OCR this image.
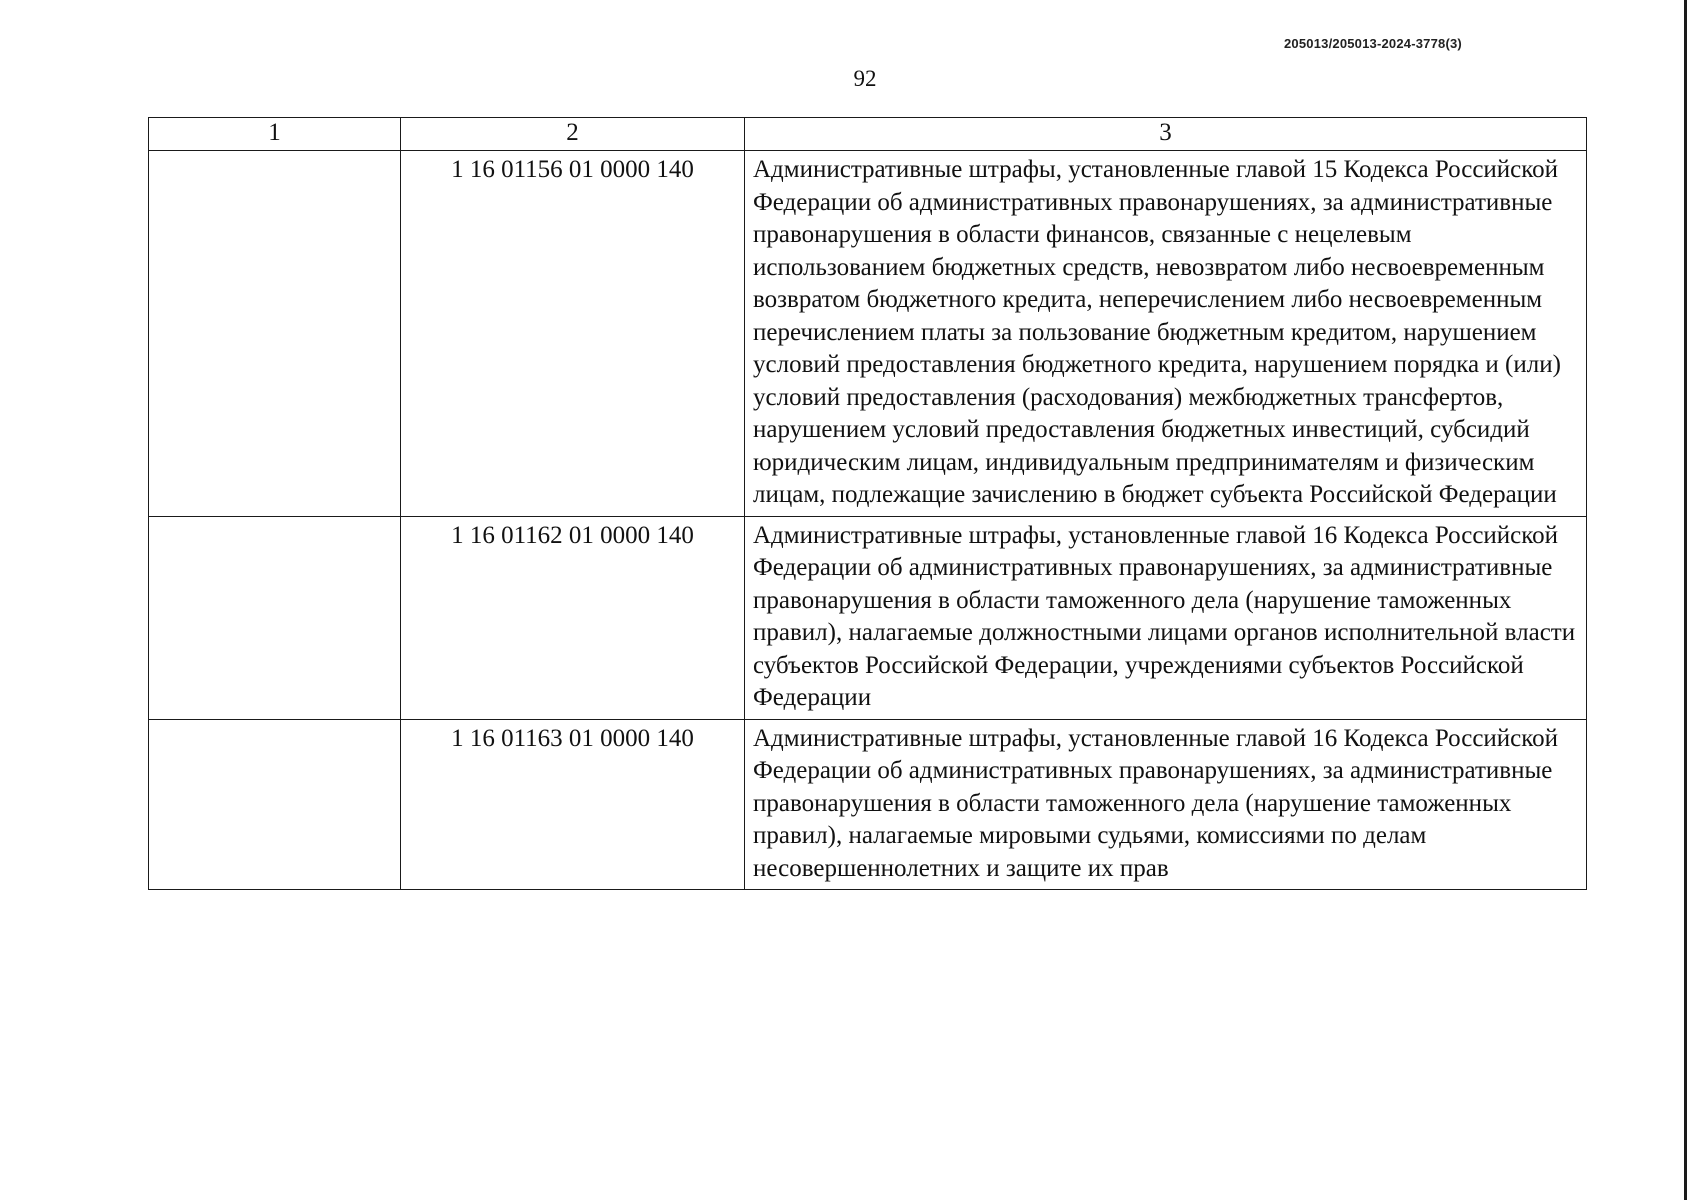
205013/205013-2024-3778(3)
92
1	2	3
	1 16 01156 01 0000 140	Административные штрафы, установленные главой 15 Кодекса Российской Федерации об административных правонарушениях, за административные правонарушения в области финансов, связанные с нецелевым использованием бюджетных средств, невозвратом либо несвоевременным возвратом бюджетного кредита, неперечислением либо несвоевременным перечислением платы за пользование бюджетным кредитом, нарушением условий предоставления бюджетного кредита, нарушением порядка и (или) условий предоставления (расходования) межбюджетных трансфертов, нарушением условий предоставления бюджетных инвестиций, субсидий юридическим лицам, индивидуальным предпринимателям и физическим лицам, подлежащие зачислению в бюджет субъекта Российской Федерации
	1 16 01162 01 0000 140	Административные штрафы, установленные главой 16 Кодекса Российской Федерации об административных правонарушениях, за административные правонарушения в области таможенного дела (нарушение таможенных правил), налагаемые должностными лицами органов исполнительной власти субъектов Российской Федерации, учреждениями субъектов Российской Федерации
	1 16 01163 01 0000 140	Административные штрафы, установленные главой 16 Кодекса Российской Федерации об административных правонарушениях, за административные правонарушения в области таможенного дела (нарушение таможенных правил), налагаемые мировыми судьями, комиссиями по делам несовершеннолетних и защите их прав
